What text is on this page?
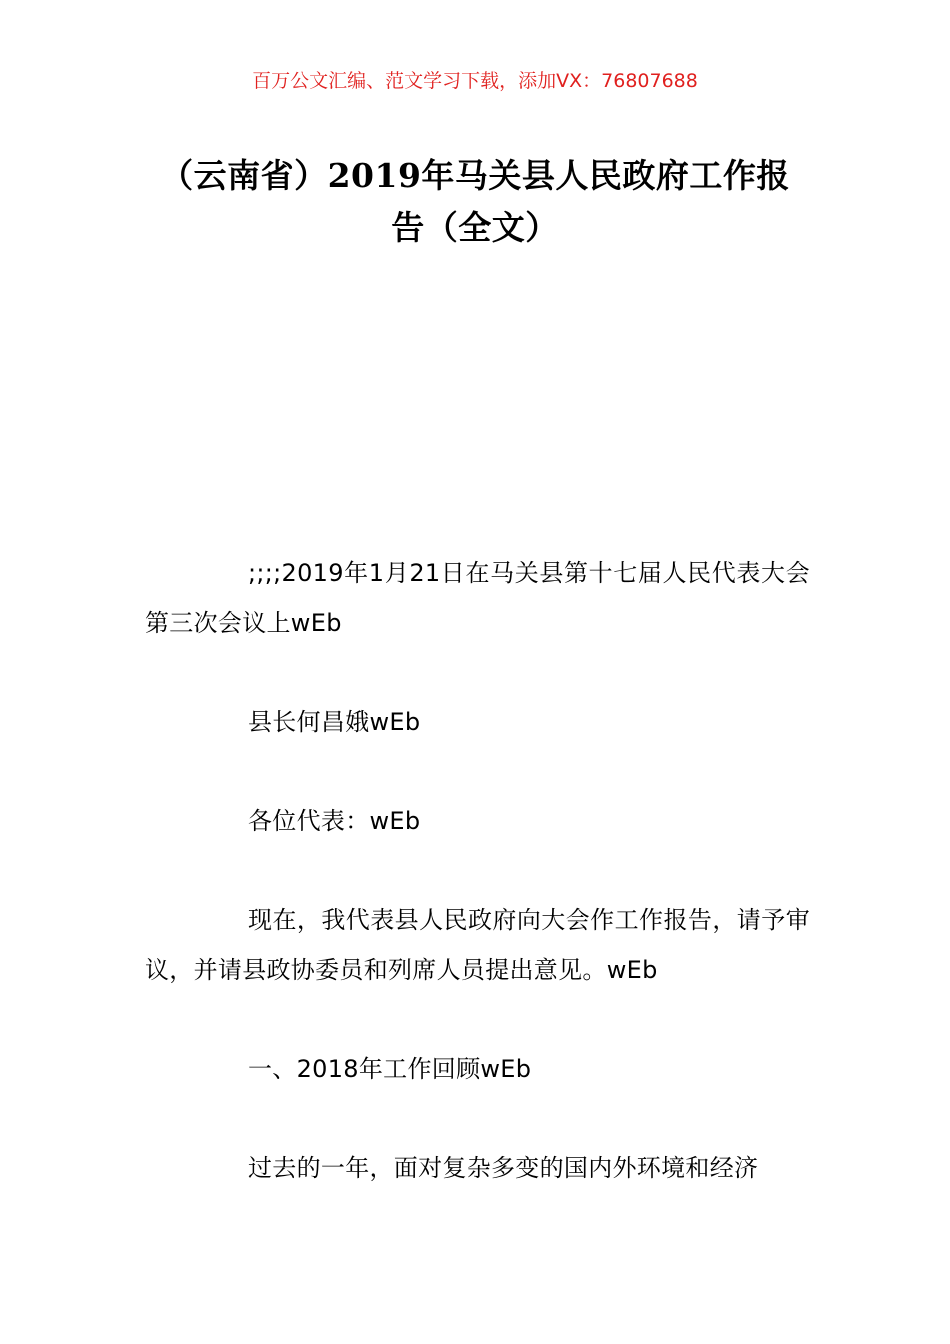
百万公文汇编、范文学习下载，添加VX：76807688
（云南省）2019年马关县人民政府工作报
告（全文）

;;;;2019年1月21日在马关县第十七届人民代表大会第三次会议上wEb

县长何昌娥wEb

各位代表：wEb

现在，我代表县人民政府向大会作工作报告，请予审议，并请县政协委员和列席人员提出意见。wEb

一、2018年工作回顾wEb

过去的一年，面对复杂多变的国内外环境和经济
